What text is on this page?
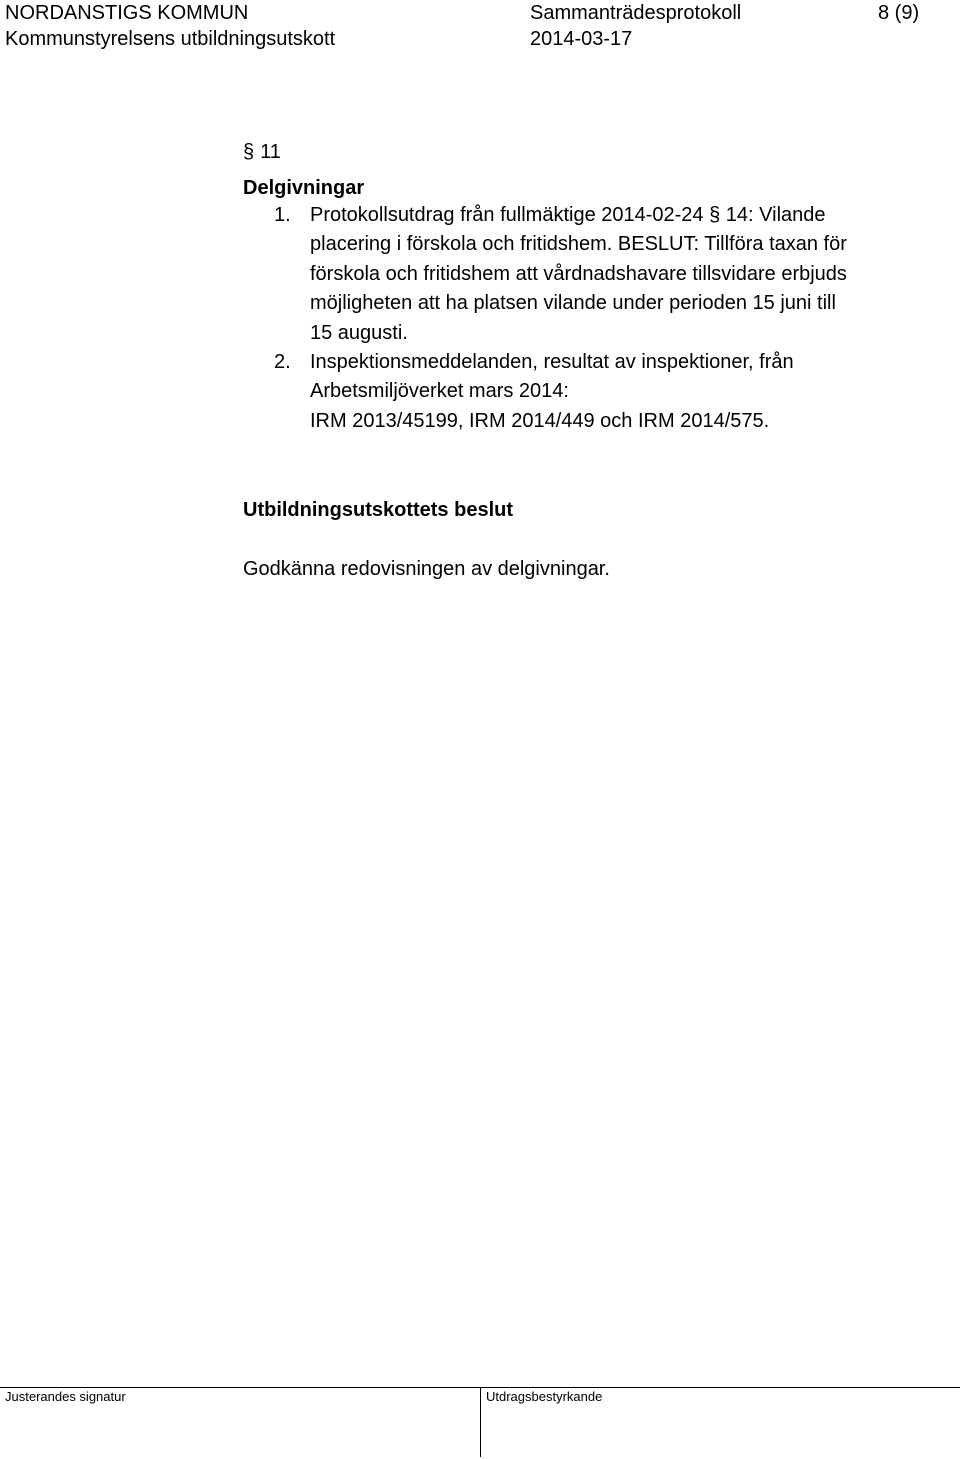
NORDANSTIGS KOMMUN	Sammanträdesprotokoll	8 (9)
Kommunstyrelsens utbildningsutskott	2014-03-17
§ 11
Delgivningar
1. Protokollsutdrag från fullmäktige 2014-02-24 § 14: Vilande
placering i förskola och fritidshem. BESLUT: Tillföra taxan för
förskola och fritidshem att vårdnadshavare tillsvidare erbjuds
möjligheten att ha platsen vilande under perioden 15 juni till
15 augusti.
2. Inspektionsmeddelanden, resultat av inspektioner, från
Arbetsmiljöverket mars 2014:
IRM 2013/45199, IRM 2014/449 och IRM 2014/575.
Utbildningsutskottets beslut
Godkänna redovisningen av delgivningar.
Justerandes signatur	Utdragsbestyrkande
